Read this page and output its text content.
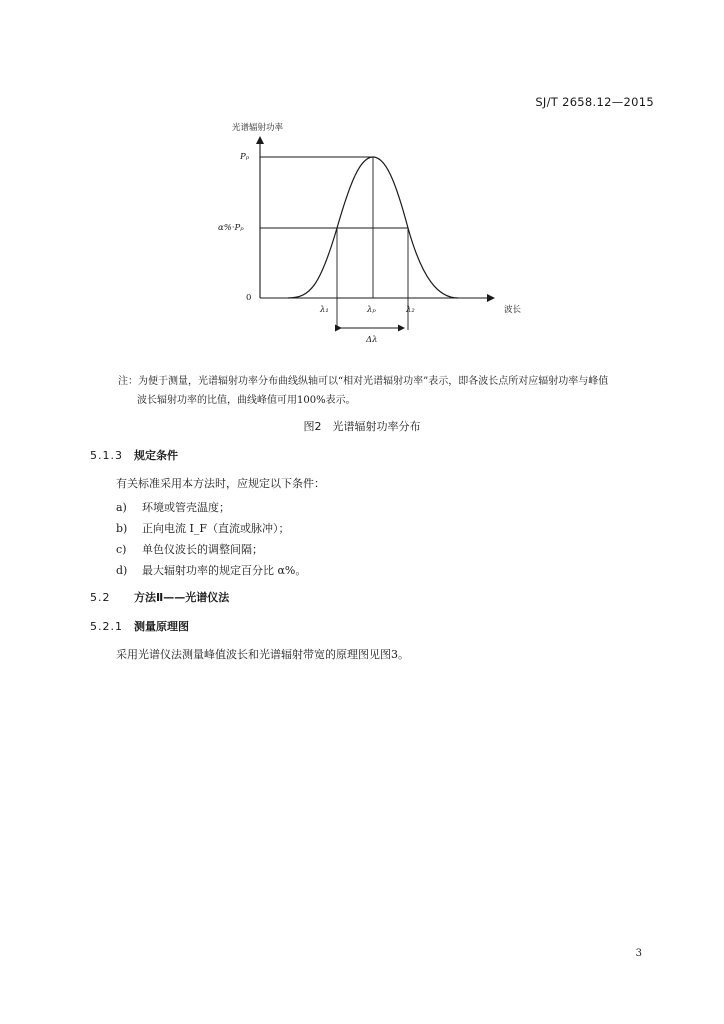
SJ/T 2658.12—2015
光谱辐射功率
Pₚ
α%·Pₚ
0
λ₁	λₚ	λ₂	波长
Δλ
注：为便于测量，光谱辐射功率分布曲线纵轴可以“相对光谱辐射功率”表示，即各波长点所对应辐射功率与峰值
波长辐射功率的比值，曲线峰值可用100%表示。
图2　光谱辐射功率分布
5.1.3 规定条件
有关标准采用本方法时，应规定以下条件：
a) 环境或管壳温度；
b) 正向电流 I_F（直流或脉冲）；
c) 单色仪波长的调整间隔；
d) 最大辐射功率的规定百分比 α%。
5.2 方法Ⅱ——光谱仪法
5.2.1 测量原理图
采用光谱仪法测量峰值波长和光谱辐射带宽的原理图见图3。
3
